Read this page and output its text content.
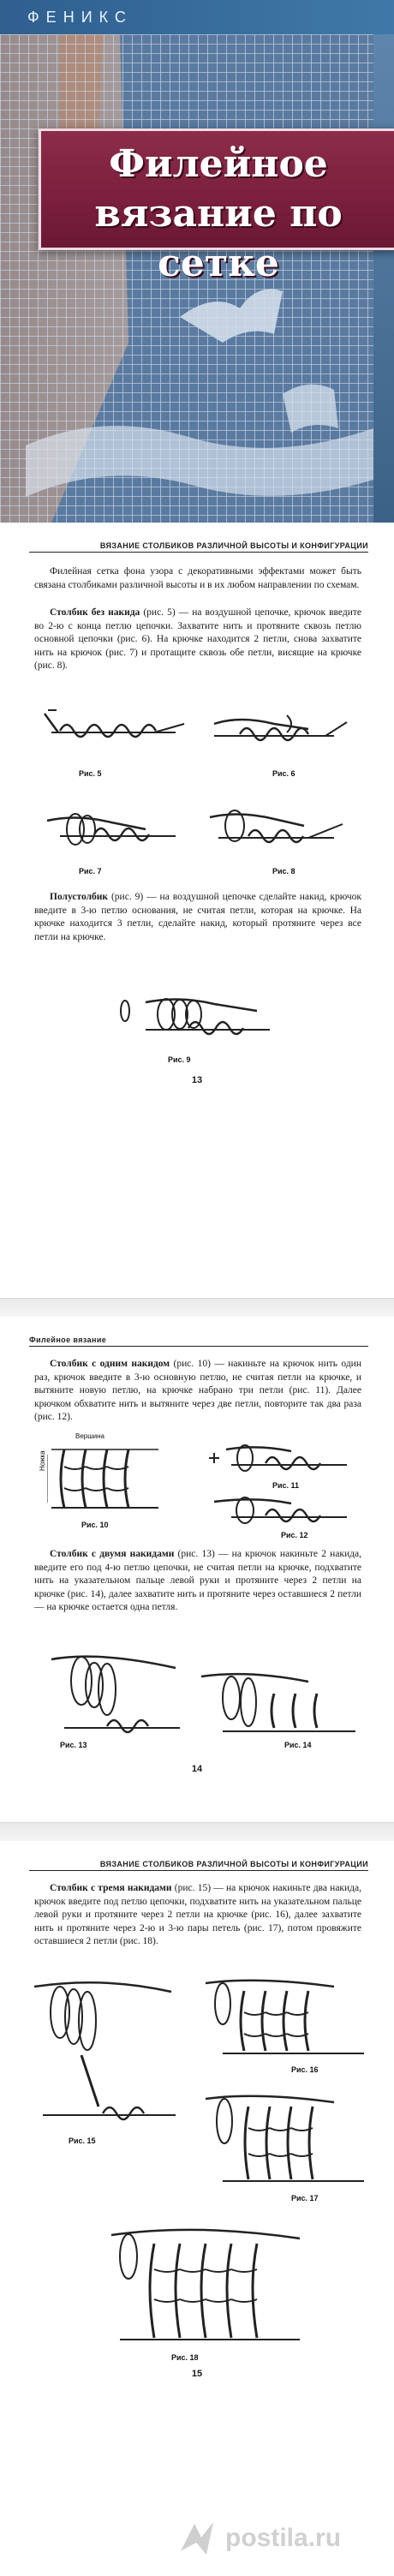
ФЕНИКС
Филейное
вязание по сетке
ВЯЗАНИЕ СТОЛБИКОВ РАЗЛИЧНОЙ ВЫСОТЫ И КОНФИГУРАЦИИ
Филейная сетка фона узора с декоративными эффектами может быть связана столбиками различной высоты и в их любом направлении по схемам.
Столбик без накида (рис. 5) — на воздушной цепочке, крючок введите во 2-ю с конца петлю цепочки. Захватите нить и протяните сквозь петлю основной цепочки (рис. 6). На крючке находится 2 петли, снова захватите нить на крючок (рис. 7) и протащите сквозь обе петли, висящие на крючке (рис. 8).
Рис. 5	Рис. 6
Рис. 7	Рис. 8
Полустолбик (рис. 9) — на воздушной цепочке сделайте накид, крючок введите в 3-ю петлю основания, не считая петли, которая на крючке. На крючке находится 3 петли, сделайте накид, который протяните через все петли на крючке.
Рис. 9
13
Филейное вязание
Столбик с одним накидом (рис. 10) — накиньте на крючок нить один раз, крючок введите в 3-ю основную петлю, не считая петли на крючке, и вытяните новую петлю, на крючке набрано три петли (рис. 11). Далее крючком обхватите нить и вытяните через две петли, повторите так два раза (рис. 12).
Вершина
Ножка
Рис. 10
Рис. 11
Рис. 12
Столбик с двумя накидами (рис. 13) — на крючок накиньте 2 накида, введите его под 4-ю петлю цепочки, не считая петли на крючке, подхватите нить на указательном пальце левой руки и протяните через 2 петли на крючке (рис. 14), далее захватите нить и протяните через оставшиеся 2 петли — на крючке остается одна петля.
Рис. 13	Рис. 14
14
ВЯЗАНИЕ СТОЛБИКОВ РАЗЛИЧНОЙ ВЫСОТЫ И КОНФИГУРАЦИИ
Столбик с тремя накидами (рис. 15) — на крючок накиньте два накида, крючок введите под петлю цепочки, подхватите нить на указательном пальце левой руки и протяните через 2 петли на крючке (рис. 16), далее захватите нить и протяните через 2-ю и 3-ю пары петель (рис. 17), потом провяжите оставшиеся 2 петли (рис. 18).
Рис. 15
Рис. 16
Рис. 17
Рис. 18
15
postila.ru
